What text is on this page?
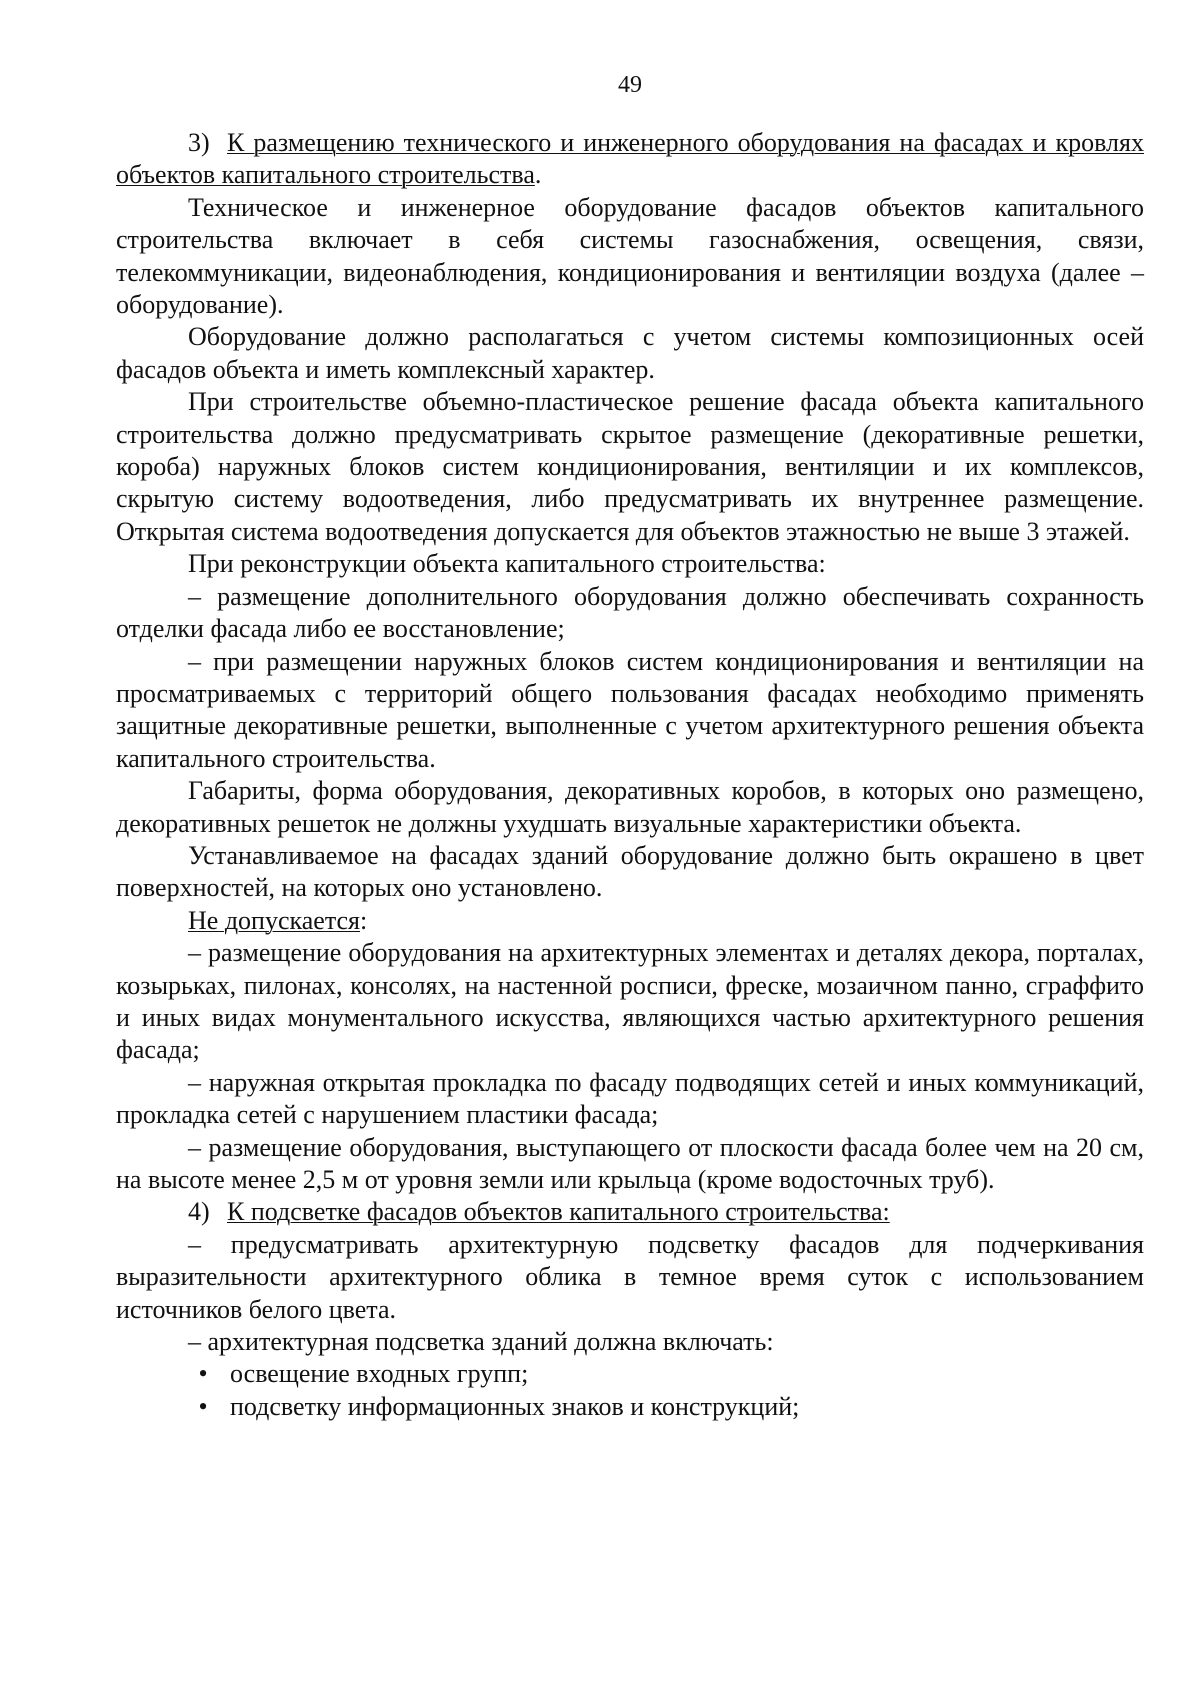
49

3) К размещению технического и инженерного оборудования на фасадах и кровлях объектов капитального строительства.

Техническое и инженерное оборудование фасадов объектов капитального строительства включает в себя системы газоснабжения, освещения, связи, телекоммуникации, видеонаблюдения, кондиционирования и вентиляции воздуха (далее – оборудование).

Оборудование должно располагаться с учетом системы композиционных осей фасадов объекта и иметь комплексный характер.

При строительстве объемно-пластическое решение фасада объекта капитального строительства должно предусматривать скрытое размещение (декоративные решетки, короба) наружных блоков систем кондиционирования, вентиляции и их комплексов, скрытую систему водоотведения, либо предусматривать их внутреннее размещение. Открытая система водоотведения допускается для объектов этажностью не выше 3 этажей.

При реконструкции объекта капитального строительства:

– размещение дополнительного оборудования должно обеспечивать сохранность отделки фасада либо ее восстановление;

– при размещении наружных блоков систем кондиционирования и вентиляции на просматриваемых с территорий общего пользования фасадах необходимо применять защитные декоративные решетки, выполненные с учетом архитектурного решения объекта капитального строительства.

Габариты, форма оборудования, декоративных коробов, в которых оно размещено, декоративных решеток не должны ухудшать визуальные характеристики объекта.

Устанавливаемое на фасадах зданий оборудование должно быть окрашено в цвет поверхностей, на которых оно установлено.

Не допускается:

– размещение оборудования на архитектурных элементах и деталях декора, порталах, козырьках, пилонах, консолях, на настенной росписи, фреске, мозаичном панно, сграффито и иных видах монументального искусства, являющихся частью архитектурного решения фасада;

– наружная открытая прокладка по фасаду подводящих сетей и иных коммуникаций, прокладка сетей с нарушением пластики фасада;

– размещение оборудования, выступающего от плоскости фасада более чем на 20 см, на высоте менее 2,5 м от уровня земли или крыльца (кроме водосточных труб).

4) К подсветке фасадов объектов капитального строительства:

– предусматривать архитектурную подсветку фасадов для подчеркивания выразительности архитектурного облика в темное время суток с использованием источников белого цвета.

– архитектурная подсветка зданий должна включать:

• освещение входных групп;
• подсветку информационных знаков и конструкций;
